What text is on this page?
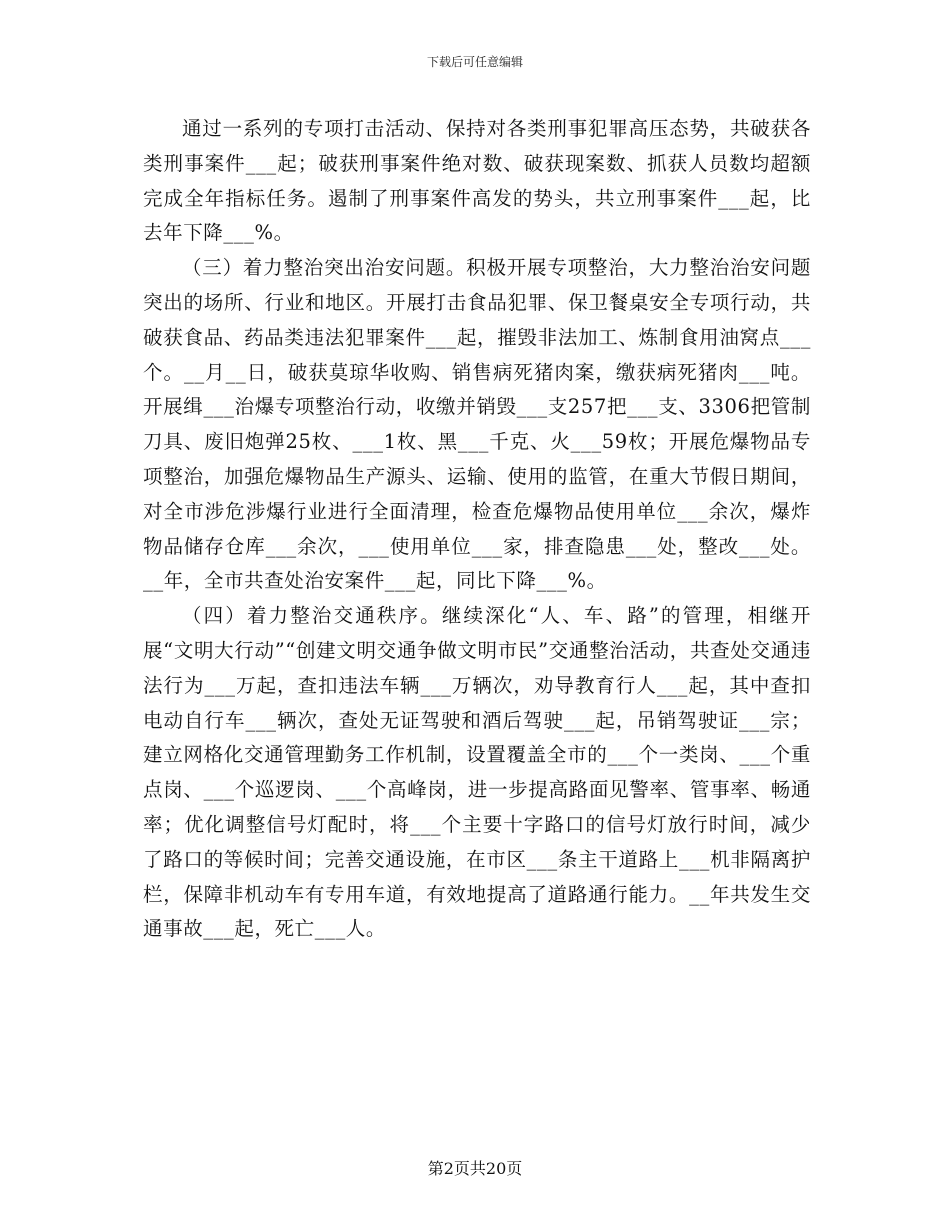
下载后可任意编辑

通过一系列的专项打击活动、保持对各类刑事犯罪高压态势，共破获各类刑事案件___起；破获刑事案件绝对数、破获现案数、抓获人员数均超额完成全年指标任务。遏制了刑事案件高发的势头，共立刑事案件___起，比去年下降___%。

（三）着力整治突出治安问题。积极开展专项整治，大力整治治安问题突出的场所、行业和地区。开展打击食品犯罪、保卫餐桌安全专项行动，共破获食品、药品类违法犯罪案件___起，摧毁非法加工、炼制食用油窝点___个。__月__日，破获莫琼华收购、销售病死猪肉案，缴获病死猪肉___吨。开展缉___治爆专项整治行动，收缴并销毁___支257把___支、3306把管制刀具、废旧炮弹25枚、___1枚、黑___千克、火___59枚；开展危爆物品专项整治，加强危爆物品生产源头、运输、使用的监管，在重大节假日期间，对全市涉危涉爆行业进行全面清理，检查危爆物品使用单位___余次，爆炸物品储存仓库___余次，___使用单位___家，排查隐患___处，整改___处。__年，全市共查处治安案件___起，同比下降___%。

（四）着力整治交通秩序。继续深化“人、车、路”的管理，相继开展“文明大行动”“创建文明交通争做文明市民”交通整治活动，共查处交通违法行为___万起，查扣违法车辆___万辆次，劝导教育行人___起，其中查扣电动自行车___辆次，查处无证驾驶和酒后驾驶___起，吊销驾驶证___宗；建立网格化交通管理勤务工作机制，设置覆盖全市的___个一类岗、___个重点岗、___个巡逻岗、___个高峰岗，进一步提高路面见警率、管事率、畅通率；优化调整信号灯配时，将___个主要十字路口的信号灯放行时间，减少了路口的等候时间；完善交通设施，在市区___条主干道路上___机非隔离护栏，保障非机动车有专用车道，有效地提高了道路通行能力。__年共发生交通事故___起，死亡___人。

第2页共20页
